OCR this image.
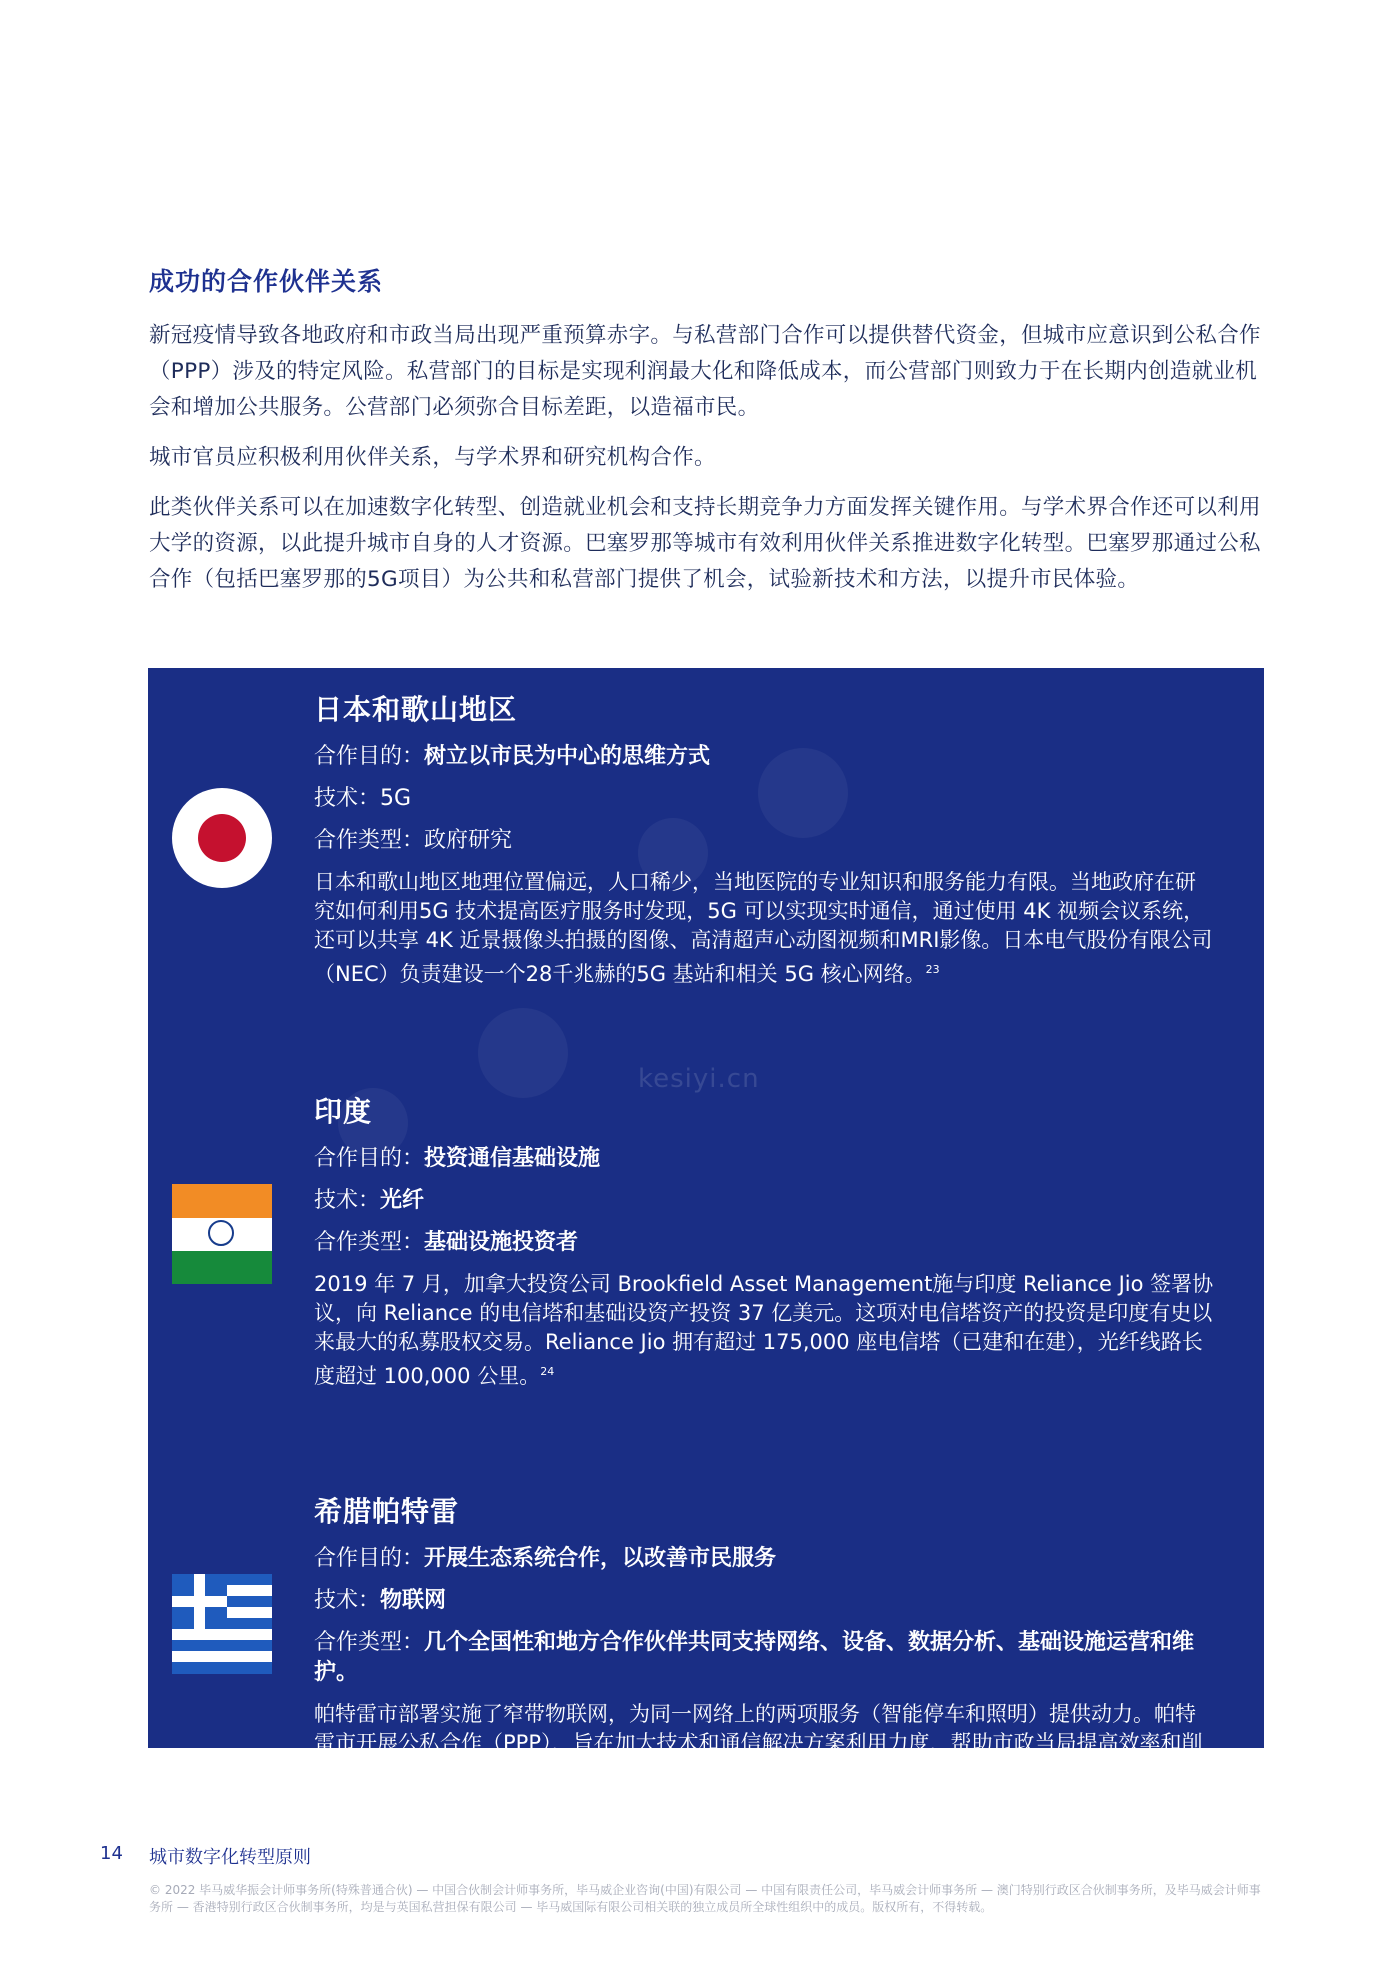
成功的合作伙伴关系

新冠疫情导致各地政府和市政当局出现严重预算赤字。与私营部门合作可以提供替代资金，但城市应意识到公私合作（PPP）涉及的特定风险。私营部门的目标是实现利润最大化和降低成本，而公营部门则致力于在长期内创造就业机会和增加公共服务。公营部门必须弥合目标差距，以造福市民。

城市官员应积极利用伙伴关系，与学术界和研究机构合作。

此类伙伴关系可以在加速数字化转型、创造就业机会和支持长期竞争力方面发挥关键作用。与学术界合作还可以利用大学的资源，以此提升城市自身的人才资源。巴塞罗那等城市有效利用伙伴关系推进数字化转型。巴塞罗那通过公私合作（包括巴塞罗那的5G项目）为公共和私营部门提供了机会，试验新技术和方法，以提升市民体验。

kesiyi.cn
日本和歌山地区
合作目的：树立以市民为中心的思维方式
技术：5G
合作类型：政府研究
日本和歌山地区地理位置偏远，人口稀少，当地医院的专业知识和服务能力有限。当地政府在研究如何利用5G 技术提高医疗服务时发现，5G 可以实现实时通信，通过使用 4K 视频会议系统，还可以共享 4K 近景摄像头拍摄的图像、高清超声心动图视频和MRI影像。日本电气股份有限公司（NEC）负责建设一个28千兆赫的5G 基站和相关 5G 核心网络。$^{23}$
印度
合作目的：投资通信基础设施
技术：光纤
合作类型：基础设施投资者
2019 年 7 月，加拿大投资公司 Brookfield Asset Management施与印度 Reliance Jio 签署协议，向 Reliance 的电信塔和基础设资产投资 37 亿美元。这项对电信塔资产的投资是印度有史以来最大的私募股权交易。Reliance Jio 拥有超过 175,000 座电信塔（已建和在建），光纤线路长度超过 100,000 公里。$^{24}$
希腊帕特雷
合作目的：开展生态系统合作，以改善市民服务
技术：物联网
合作类型：几个全国性和地方合作伙伴共同支持网络、设备、数据分析、基础设施运营和维护。
帕特雷市部署实施了窄带物联网，为同一网络上的两项服务（智能停车和照明）提供动力。帕特雷市开展公私合作（PPP），旨在加大技术和通信解决方案利用力度，帮助市政当局提高效率和削减成本。$^{25}$

14 城市数字化转型原则

© 2022 毕马威华振会计师事务所(特殊普通合伙) — 中国合伙制会计师事务所，毕马威企业咨询(中国)有限公司 — 中国有限责任公司，毕马威会计师事务所 — 澳门特别行政区合伙制事务所，及毕马威会计师事务所 — 香港特别行政区合伙制事务所，均是与英国私营担保有限公司 — 毕马威国际有限公司相关联的独立成员所全球性组织中的成员。版权所有，不得转载。
